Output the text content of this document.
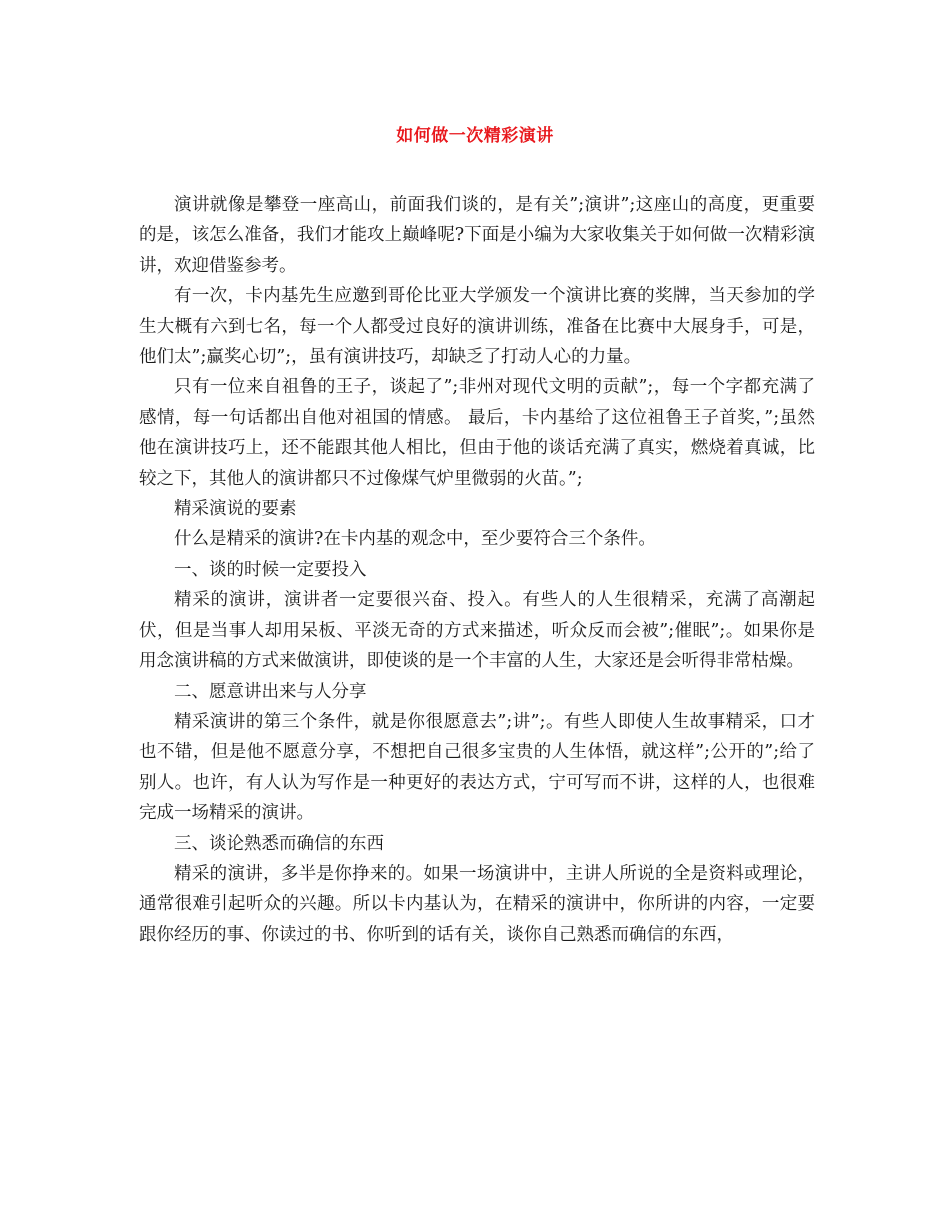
如何做一次精彩演讲

演讲就像是攀登一座高山，前面我们谈的，是有关”;演讲”;这座山的高度，更重要的是，该怎么准备，我们才能攻上巅峰呢?下面是小编为大家收集关于如何做一次精彩演讲，欢迎借鉴参考。

有一次，卡内基先生应邀到哥伦比亚大学颁发一个演讲比赛的奖牌，当天参加的学生大概有六到七名，每一个人都受过良好的演讲训练，准备在比赛中大展身手，可是，他们太”;赢奖心切”;，虽有演讲技巧，却缺乏了打动人心的力量。

只有一位来自祖鲁的王子，谈起了”;非州对现代文明的贡献”;，每一个字都充满了感情，每一句话都出自他对祖国的情感。 最后，卡内基给了这位祖鲁王子首奖，”;虽然他在演讲技巧上，还不能跟其他人相比，但由于他的谈话充满了真实，燃烧着真诚，比较之下，其他人的演讲都只不过像煤气炉里微弱的火苗。”;

精采演说的要素

什么是精采的演讲?在卡内基的观念中，至少要符合三个条件。

一、谈的时候一定要投入

精采的演讲，演讲者一定要很兴奋、投入。有些人的人生很精采，充满了高潮起伏，但是当事人却用呆板、平淡无奇的方式来描述，听众反而会被”;催眠”;。如果你是用念演讲稿的方式来做演讲，即使谈的是一个丰富的人生，大家还是会听得非常枯燥。

二、愿意讲出来与人分享

精采演讲的第三个条件，就是你很愿意去”;讲”;。有些人即使人生故事精采，口才也不错，但是他不愿意分享，不想把自己很多宝贵的人生体悟，就这样”;公开的”;给了别人。也许，有人认为写作是一种更好的表达方式，宁可写而不讲，这样的人，也很难完成一场精采的演讲。

三、谈论熟悉而确信的东西

精采的演讲，多半是你挣来的。如果一场演讲中，主讲人所说的全是资料或理论，通常很难引起听众的兴趣。所以卡内基认为，在精采的演讲中，你所讲的内容，一定要跟你经历的事、你读过的书、你听到的话有关，谈你自己熟悉而确信的东西，
